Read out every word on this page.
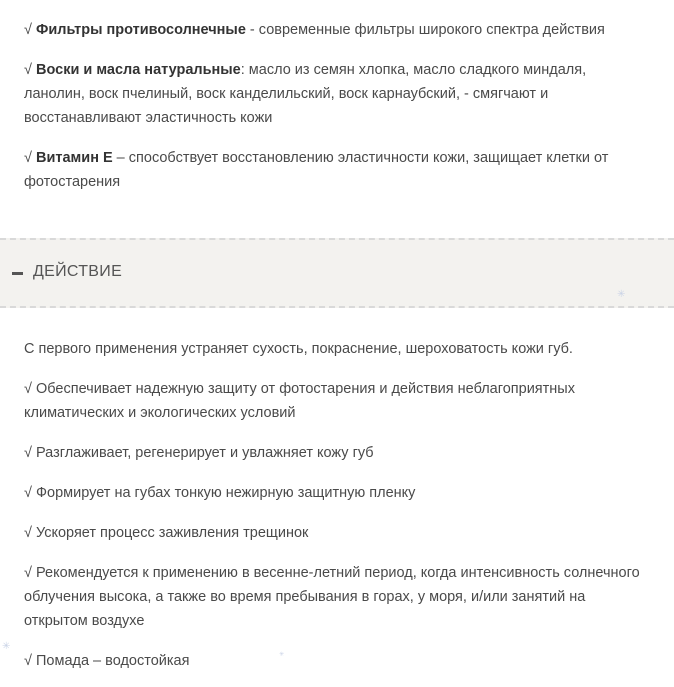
√ Фильтры противосолнечные - современные фильтры широкого спектра действия

√ Воски и масла натуральные: масло из семян хлопка, масло сладкого миндаля, ланолин, воск пчелиный, воск канделильский, воск карнаубский, - смягчают и восстанавливают эластичность кожи

√ Витамин Е – способствует восстановлению эластичности кожи, защищает клетки от фотостарения

ДЕЙСТВИЕ
✳

С первого применения устраняет сухость, покраснение, шероховатость кожи губ.

√ Обеспечивает надежную защиту от фотостарения и действия неблагоприятных климатических и экологических условий

√ Разглаживает, регенерирует и увлажняет кожу губ

√ Формирует на губах тонкую нежирную защитную пленку

√ Ускоряет процесс заживления трещинок

√ Рекомендуется к применению в весенне-летний период, когда интенсивность солнечного облучения высока, а также во время пребывания в горах, у моря, и/или занятий на открытом воздухе

√ Помада – водостойкая

✳
✳
